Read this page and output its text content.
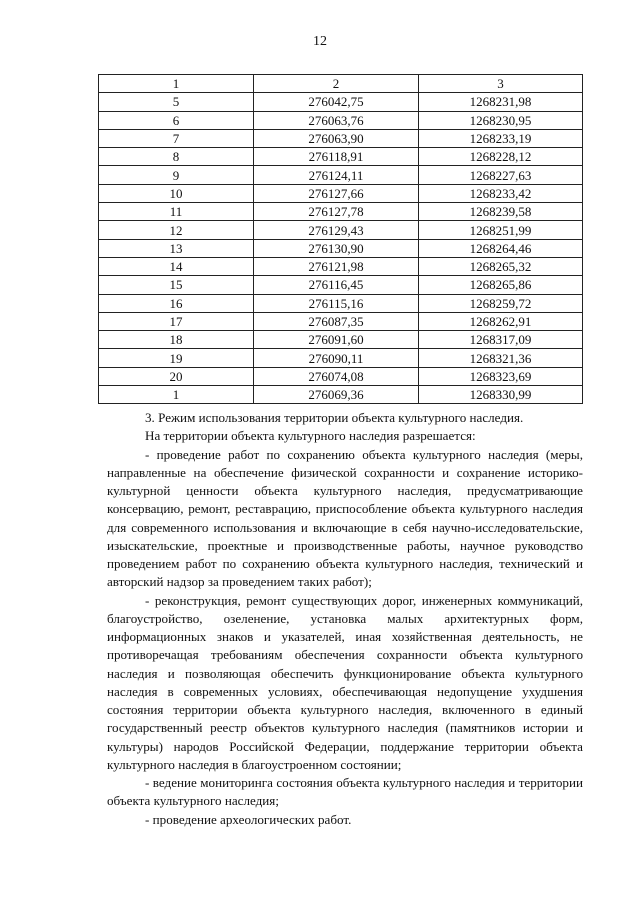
12
1	2	3
5	276042,75	1268231,98
6	276063,76	1268230,95
7	276063,90	1268233,19
8	276118,91	1268228,12
9	276124,11	1268227,63
10	276127,66	1268233,42
11	276127,78	1268239,58
12	276129,43	1268251,99
13	276130,90	1268264,46
14	276121,98	1268265,32
15	276116,45	1268265,86
16	276115,16	1268259,72
17	276087,35	1268262,91
18	276091,60	1268317,09
19	276090,11	1268321,36
20	276074,08	1268323,69
1	276069,36	1268330,99

3. Режим использования территории объекта культурного наследия.

На территории объекта культурного наследия разрешается:

- проведение работ по сохранению объекта культурного наследия (меры, направленные на обеспечение физической сохранности и сохранение историко-культурной ценности объекта культурного наследия, предусматривающие консервацию, ремонт, реставрацию, приспособление объекта культурного наследия для современного использования и включающие в себя научно-исследовательские, изыскательские, проектные и производственные работы, научное руководство проведением работ по сохранению объекта культурного наследия, технический и авторский надзор за проведением таких работ);

- реконструкция, ремонт существующих дорог, инженерных коммуникаций, благоустройство, озеленение, установка малых архитектурных форм, информационных знаков и указателей, иная хозяйственная деятельность, не противоречащая требованиям обеспечения сохранности объекта культурного наследия и позволяющая обеспечить функционирование объекта культурного наследия в современных условиях, обеспечивающая недопущение ухудшения состояния территории объекта культурного наследия, включенного в единый государственный реестр объектов культурного наследия (памятников истории и культуры) народов Российской Федерации, поддержание территории объекта культурного наследия в благоустроенном состоянии;

- ведение мониторинга состояния объекта культурного наследия и территории объекта культурного наследия;

- проведение археологических работ.
